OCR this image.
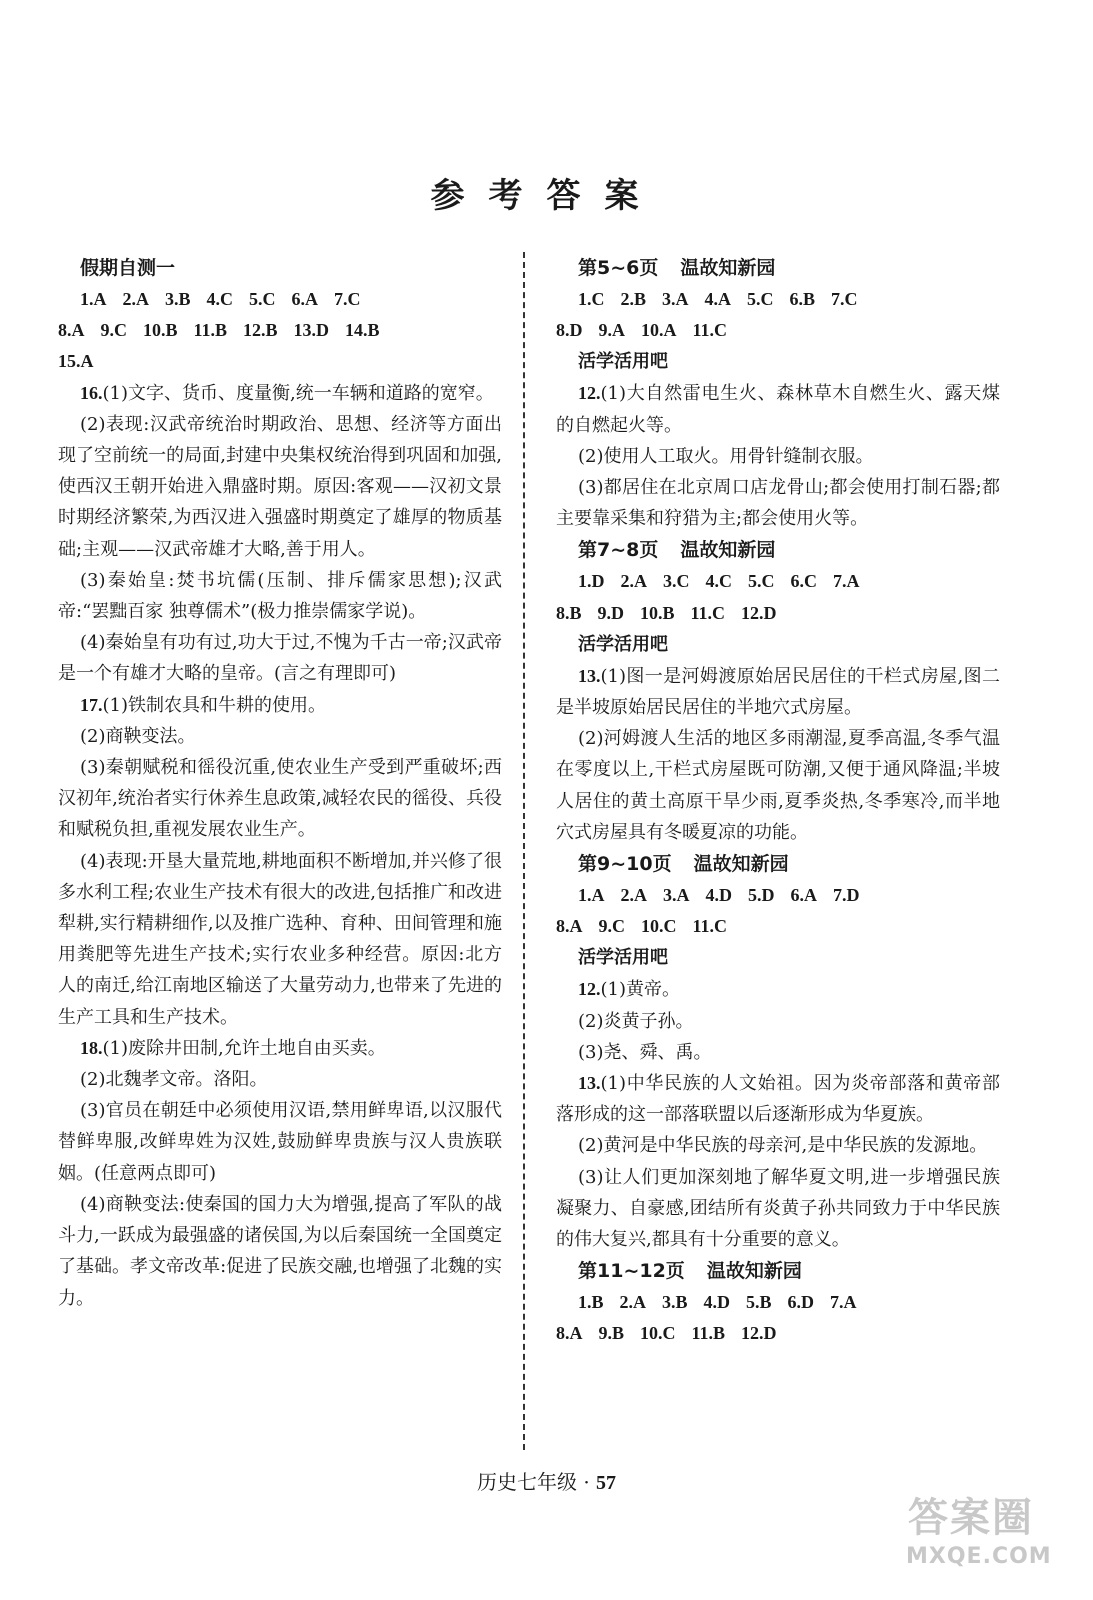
参考答案
假期自测一
1.A 2.A 3.B 4.C 5.C 6.A 7.C
8.A 9.C 10.B 11.B 12.B 13.D 14.B
15.A

16.(1)文字、货币、度量衡,统一车辆和道路的宽窄。

(2)表现:汉武帝统治时期政治、思想、经济等方面出现了空前统一的局面,封建中央集权统治得到巩固和加强,使西汉王朝开始进入鼎盛时期。原因:客观——汉初文景时期经济繁荣,为西汉进入强盛时期奠定了雄厚的物质基础;主观——汉武帝雄才大略,善于用人。

(3)秦始皇:焚书坑儒(压制、排斥儒家思想);汉武帝:“罢黜百家 独尊儒术”(极力推崇儒家学说)。

(4)秦始皇有功有过,功大于过,不愧为千古一帝;汉武帝是一个有雄才大略的皇帝。(言之有理即可)

17.(1)铁制农具和牛耕的使用。

(2)商鞅变法。

(3)秦朝赋税和徭役沉重,使农业生产受到严重破坏;西汉初年,统治者实行休养生息政策,减轻农民的徭役、兵役和赋税负担,重视发展农业生产。

(4)表现:开垦大量荒地,耕地面积不断增加,并兴修了很多水利工程;农业生产技术有很大的改进,包括推广和改进犁耕,实行精耕细作,以及推广选种、育种、田间管理和施用粪肥等先进生产技术;实行农业多种经营。原因:北方人的南迁,给江南地区输送了大量劳动力,也带来了先进的生产工具和生产技术。

18.(1)废除井田制,允许土地自由买卖。

(2)北魏孝文帝。洛阳。

(3)官员在朝廷中必须使用汉语,禁用鲜卑语,以汉服代替鲜卑服,改鲜卑姓为汉姓,鼓励鲜卑贵族与汉人贵族联姻。(任意两点即可)

(4)商鞅变法:使秦国的国力大为增强,提高了军队的战斗力,一跃成为最强盛的诸侯国,为以后秦国统一全国奠定了基础。孝文帝改革:促进了民族交融,也增强了北魏的实力。

第5~6页 温故知新园
1.C 2.B 3.A 4.A 5.C 6.B 7.C
8.D 9.A 10.A 11.C
活学活用吧

12.(1)大自然雷电生火、森林草木自燃生火、露天煤的自燃起火等。

(2)使用人工取火。用骨针缝制衣服。

(3)都居住在北京周口店龙骨山;都会使用打制石器;都主要靠采集和狩猎为主;都会使用火等。

第7~8页 温故知新园
1.D 2.A 3.C 4.C 5.C 6.C 7.A
8.B 9.D 10.B 11.C 12.D
活学活用吧

13.(1)图一是河姆渡原始居民居住的干栏式房屋,图二是半坡原始居民居住的半地穴式房屋。

(2)河姆渡人生活的地区多雨潮湿,夏季高温,冬季气温在零度以上,干栏式房屋既可防潮,又便于通风降温;半坡人居住的黄土高原干旱少雨,夏季炎热,冬季寒冷,而半地穴式房屋具有冬暖夏凉的功能。

第9~10页 温故知新园
1.A 2.A 3.A 4.D 5.D 6.A 7.D
8.A 9.C 10.C 11.C
活学活用吧

12.(1)黄帝。

(2)炎黄子孙。

(3)尧、舜、禹。

13.(1)中华民族的人文始祖。因为炎帝部落和黄帝部落形成的这一部落联盟以后逐渐形成为华夏族。

(2)黄河是中华民族的母亲河,是中华民族的发源地。

(3)让人们更加深刻地了解华夏文明,进一步增强民族凝聚力、自豪感,团结所有炎黄子孙共同致力于中华民族的伟大复兴,都具有十分重要的意义。

第11~12页 温故知新园
1.B 2.A 3.B 4.D 5.B 6.D 7.A
8.A 9.B 10.C 11.B 12.D
历史七年级 · 57
答案圈
MXQE.COM
